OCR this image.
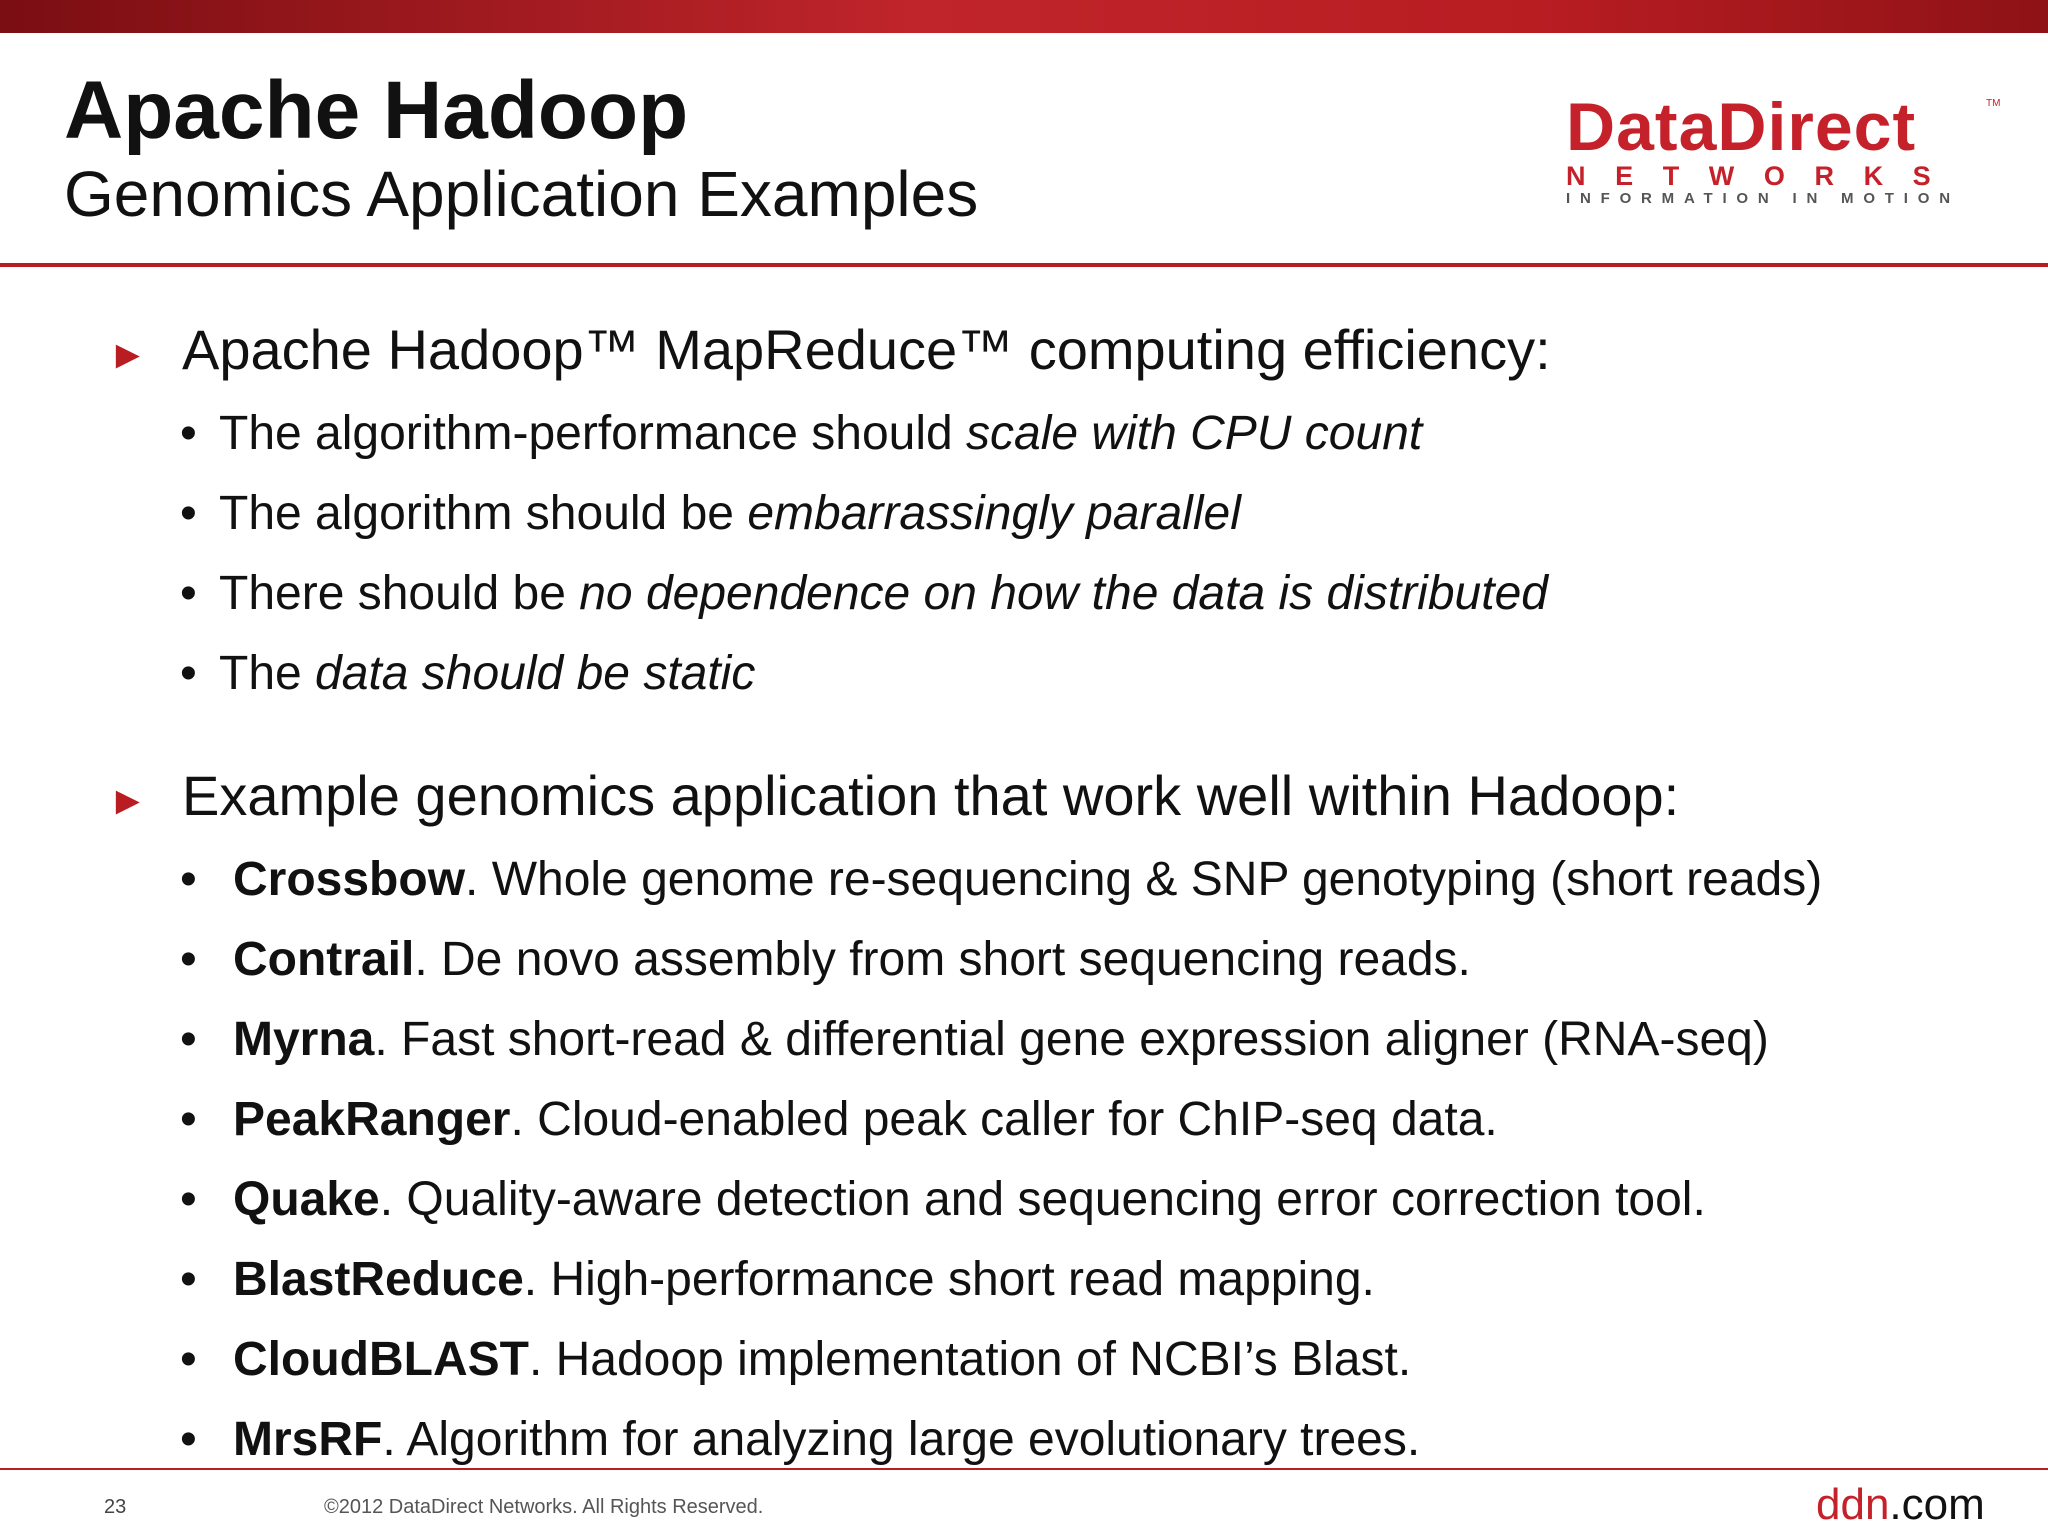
Apache Hadoop
Genomics Application Examples
DataDirect	TM
NETWORKS
INFORMATION IN MOTION
► Apache Hadoop™ MapReduce™ computing efficiency:
• The algorithm-performance should scale with CPU count
• The algorithm should be embarrassingly parallel
• There should be no dependence on how the data is distributed
• The data should be static
► Example genomics application that work well within Hadoop:
• Crossbow. Whole genome re-sequencing & SNP genotyping (short reads)
• Contrail. De novo assembly from short sequencing reads.
• Myrna. Fast short-read & differential gene expression aligner (RNA-seq)
• PeakRanger. Cloud-enabled peak caller for ChIP-seq data.
• Quake. Quality-aware detection and sequencing error correction tool.
• BlastReduce. High-performance short read mapping.
• CloudBLAST. Hadoop implementation of NCBI’s Blast.
• MrsRF. Algorithm for analyzing large evolutionary trees.
23	©2012 DataDirect Networks. All Rights Reserved.	ddn.com
